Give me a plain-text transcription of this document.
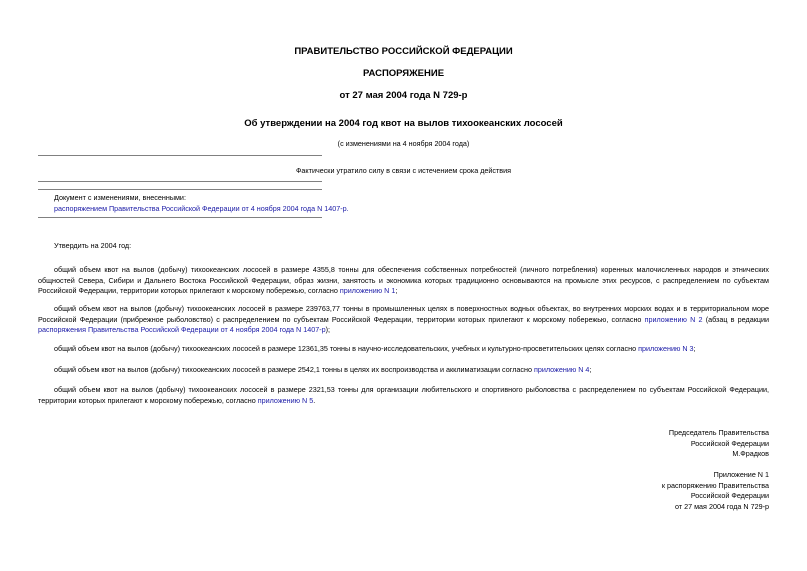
ПРАВИТЕЛЬСТВО РОССИЙСКОЙ ФЕДЕРАЦИИ
РАСПОРЯЖЕНИЕ
от 27 мая 2004 года N 729-р
Об утверждении на 2004 год квот на вылов тихоокеанских лососей
(с изменениями на 4 ноября 2004 года)
Фактически утратило силу в связи с истечением срока действия
Документ с изменениями, внесенными:
распоряжением Правительства Российской Федерации от 4 ноября 2004 года N 1407-р.
Утвердить на 2004 год:
общий объем квот на вылов (добычу) тихоокеанских лососей в размере 4355,8 тонны для обеспечения собственных потребностей (личного потребления) коренных малочисленных народов и этнических общностей Севера, Сибири и Дальнего Востока Российской Федерации, образ жизни, занятость и экономика которых традиционно основываются на промысле этих ресурсов, с распределением по субъектам Российской Федерации, территории которых прилегают к морскому побережью, согласно приложению N 1;
общий объем квот на вылов (добычу) тихоокеанских лососей в размере 239763,77 тонны в промышленных целях в поверхностных водных объектах, во внутренних морских водах и в территориальном море Российской Федерации (прибрежное рыболовство) с распределением по субъектам Российской Федерации, территории которых прилегают к морскому побережью, согласно приложению N 2 (абзац в редакции распоряжения Правительства Российской Федерации от 4 ноября 2004 года N 1407-р);
общий объем квот на вылов (добычу) тихоокеанских лососей в размере 12361,35 тонны в научно-исследовательских, учебных и культурно-просветительских целях согласно приложению N 3;
общий объем квот на вылов (добычу) тихоокеанских лососей в размере 2542,1 тонны в целях их воспроизводства и акклиматизации согласно приложению N 4;
общий объем квот на вылов (добычу) тихоокеанских лососей в размере 2321,53 тонны для организации любительского и спортивного рыболовства с распределением по субъектам Российской Федерации, территории которых прилегают к морскому побережью, согласно приложению N 5.
Председатель Правительства
Российской Федерации
М.Фрадков
Приложение N 1
к распоряжению Правительства
Российской Федерации
от 27 мая 2004 года N 729-р
